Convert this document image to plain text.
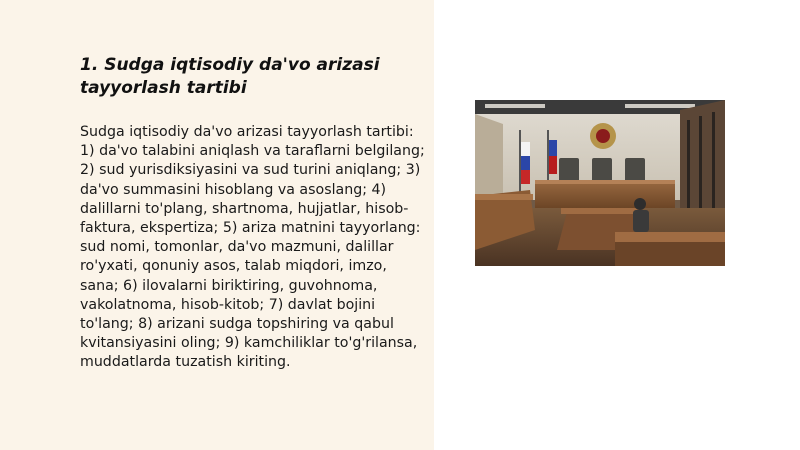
1. Sudga iqtisodiy da'vo arizasi tayyorlash tartibi

Sudga iqtisodiy da'vo arizasi tayyorlash tartibi: 1) da'vo talabini aniqlash va taraflarni belgilang; 2) sud yurisdiksiyasini va sud turini aniqlang; 3) da'vo summasini hisoblang va asoslang; 4) dalillarni to'plang, shartnoma, hujjatlar, hisob-faktura, ekspertiza; 5) ariza matnini tayyorlang: sud nomi, tomonlar, da'vo mazmuni, dalillar ro'yxati, qonuniy asos, talab miqdori, imzo, sana; 6) ilovalarni biriktiring, guvohnoma, vakolatnoma, hisob-kitob; 7) davlat bojini to'lang; 8) arizani sudga topshiring va qabul kvitansiyasini oling; 9) kamchiliklar to'g'rilansa, muddatlarda tuzatish kiriting.
